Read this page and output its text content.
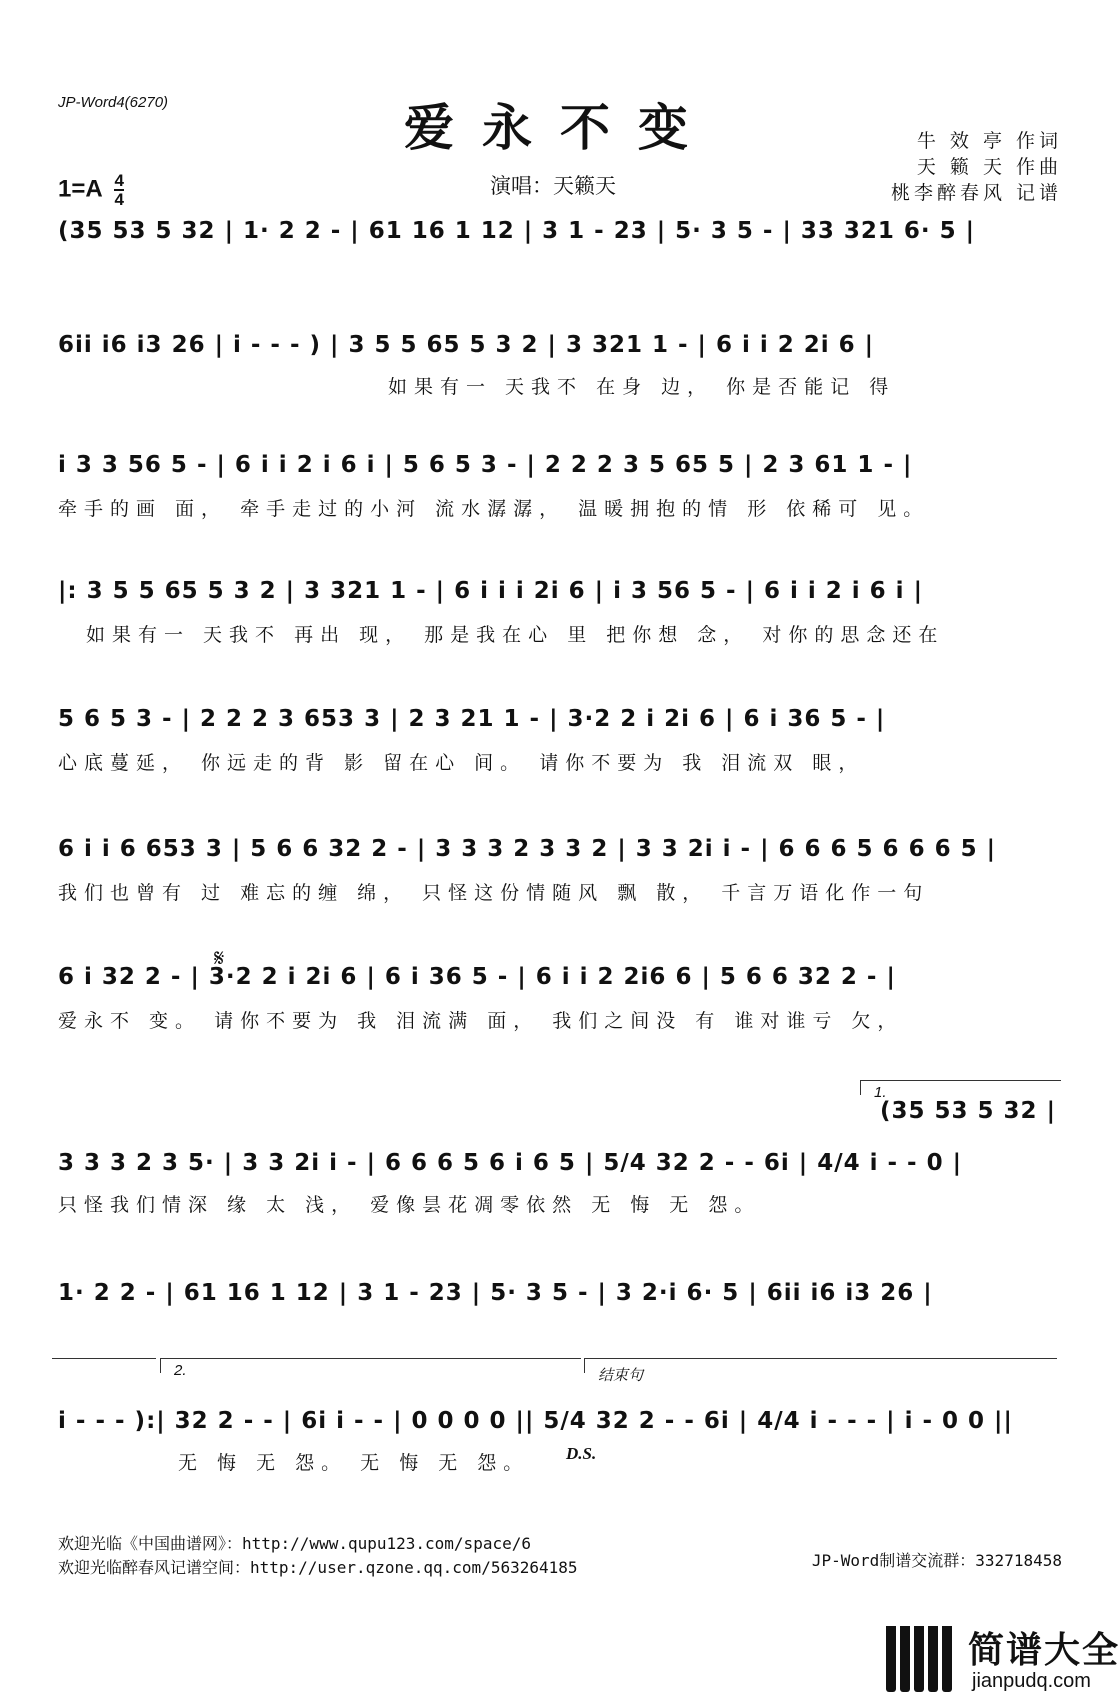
JP-Word4(6270)	爱永不变	牛 效 亭 作词
天 籁 天 作曲
桃李醉春风 记谱
$1=A \frac{4}{4}$	演唱：天籁天
(35 53 5 32 | 1· 2 2 - | 61 16 1 12 | 3 1 - 23 | 5· 3 5 - | 33 321 6· 5 |
6ii i6 i3 26 | i - - - ) | 3 5 5 65 5 3 2 | 3 321 1 - | 6 i i 2 2i 6 |
如果有一 天我不 在身 边， 你是否能记 得
i 3 3 56 5 - | 6 i i 2 i 6 i | 5 6 5 3 - | 2 2 2 3 5 65 5 | 2 3 61 1 - |
牵手的画 面， 牵手走过的小河 流水潺潺， 温暖拥抱的情 形 依稀可 见。
|: 3 5 5 65 5 3 2 | 3 321 1 - | 6 i i i 2i 6 | i 3 56 5 - | 6 i i 2 i 6 i |
如果有一 天我不 再出 现， 那是我在心 里 把你想 念， 对你的思念还在
5 6 5 3 - | 2 2 2 3 653 3 | 2 3 21 1 - | 3·2 2 i 2i 6 | 6 i 36 5 - |
心底蔓延， 你远走的背 影 留在心 间。 请你不要为 我 泪流双 眼，
6 i i 6 653 3 | 5 6 6 32 2 - | 3 3 3 2 3 3 2 | 3 3 2i i - | 6 6 6 5 6 6 6 5 |
我们也曾有 过 难忘的缠 绵， 只怪这份情随风 飘 散， 千言万语化作一句
𝄋
6 i 32 2 - | 3·2 2 i 2i 6 | 6 i 36 5 - | 6 i i 2 2i6 6 | 5 6 6 32 2 - |
爱永不 变。 请你不要为 我 泪流满 面， 我们之间没 有 谁对谁亏 欠，
1.
(35 53 5 32 |
3 3 3 2 3 5· | 3 3 2i i - | 6 6 6 5 6 i 6 5 | 5/4 32 2 - - 6i | 4/4 i - - 0 |
只怪我们情深 缘 太 浅， 爱像昙花凋零依然 无 悔 无 怨。
1· 2 2 - | 61 16 1 12 | 3 1 - 23 | 5· 3 5 - | 3 2·i 6· 5 | 6ii i6 i3 26 |
2.	结束句
i - - - ):| 32 2 - - | 6i i - - | 0 0 0 0 || 5/4 32 2 - - 6i | 4/4 i - - - | i - 0 0 ||
无 悔 无 怨。 无 悔 无 怨。	D.S.
欢迎光临《中国曲谱网》：http://www.qupu123.com/space/6
欢迎光临醉春风记谱空间：http://user.qzone.qq.com/563264185	JP-Word制谱交流群：332718458
简谱大全
jianpudq.com
